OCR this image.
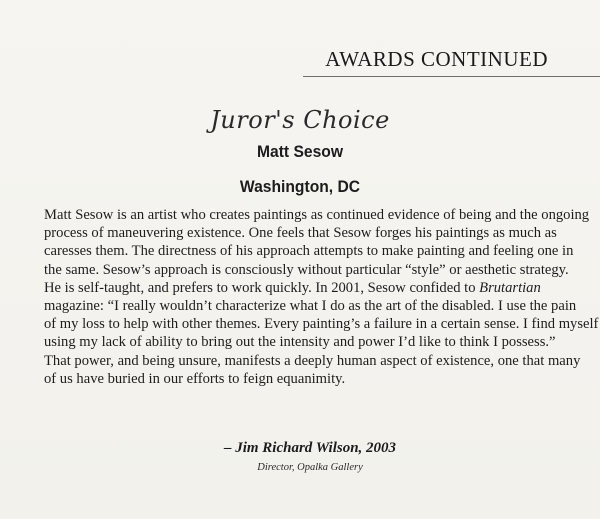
AWARDS CONTINUED
Juror's Choice
Matt Sesow
Washington, DC
Matt Sesow is an artist who creates paintings as continued evidence of being and the ongoing
process of maneuvering existence. One feels that Sesow forges his paintings as much as
caresses them. The directness of his approach attempts to make painting and feeling one in
the same. Sesow’s approach is consciously without particular “style” or aesthetic strategy.
He is self-taught, and prefers to work quickly. In 2001, Sesow confided to Brutartian
magazine: “I really wouldn’t characterize what I do as the art of the disabled. I use the pain
of my loss to help with other themes. Every painting’s a failure in a certain sense. I find myself
using my lack of ability to bring out the intensity and power I’d like to think I possess.”
That power, and being unsure, manifests a deeply human aspect of existence, one that many
of us have buried in our efforts to feign equanimity.
– Jim Richard Wilson, 2003
Director, Opalka Gallery
